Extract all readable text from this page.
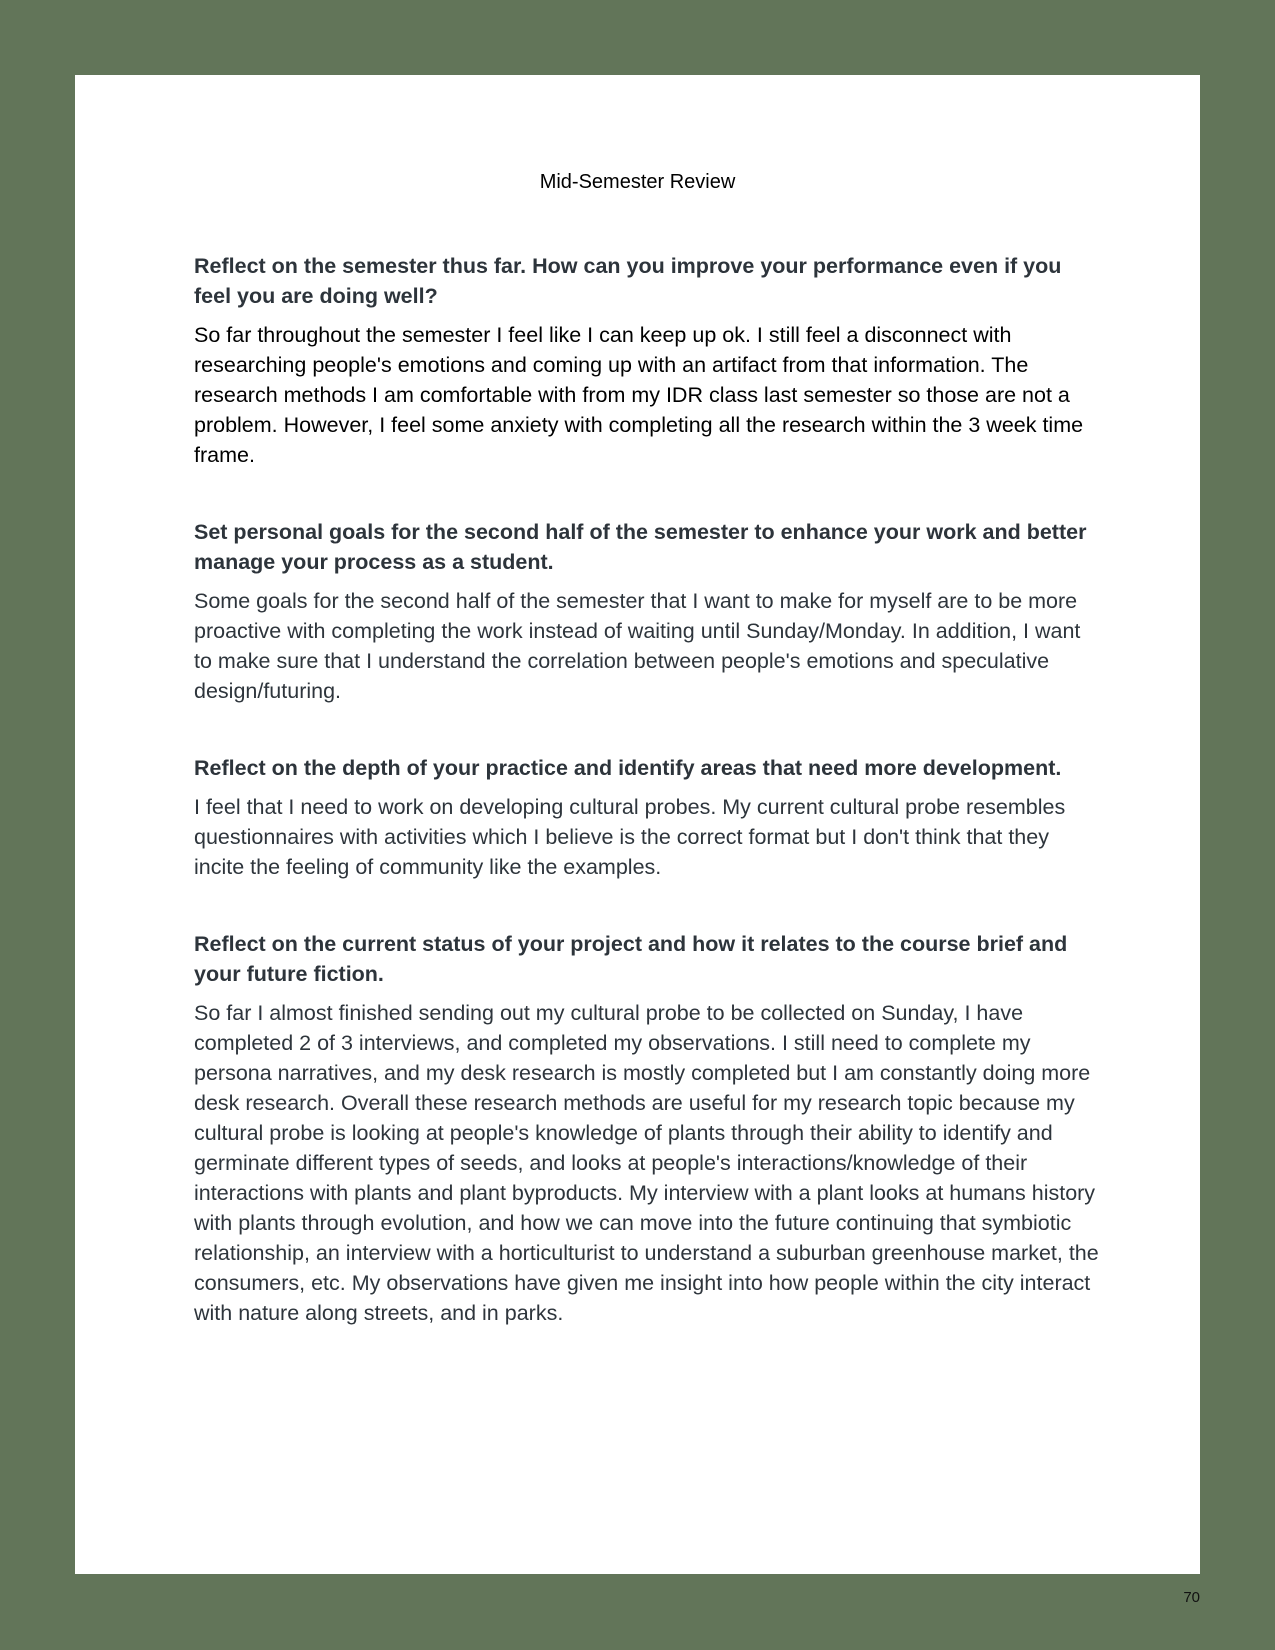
Mid-Semester Review
Reflect on the semester thus far. How can you improve your performance even if you feel you are doing well?
So far throughout the semester I feel like I can keep up ok. I still feel a disconnect with researching people's emotions and coming up with an artifact from that information. The research methods I am comfortable with from my IDR class last semester so those are not a problem. However, I feel some anxiety with completing all the research within the 3 week time frame.
Set personal goals for the second half of the semester to enhance your work and better manage your process as a student.
Some goals for the second half of the semester that I want to make for myself are to be more proactive with completing the work instead of waiting until Sunday/Monday. In addition, I want to make sure that I understand the correlation between people's emotions and speculative design/futuring.
Reflect on the depth of your practice and identify areas that need more development.
I feel that I need to work on developing cultural probes. My current cultural probe resembles questionnaires with activities which I believe is the correct format but I don't think that they incite the feeling of community like the examples.
Reflect on the current status of your project and how it relates to the course brief and your future fiction.
So far I almost finished sending out my cultural probe to be collected on Sunday, I have completed 2 of 3 interviews, and completed my observations. I still need to complete my persona narratives, and my desk research is mostly completed but I am constantly doing more desk research. Overall these research methods are useful for my research topic because my cultural probe is looking at people's knowledge of plants through their ability to identify and germinate different types of seeds, and looks at people's interactions/knowledge of their interactions with plants and plant byproducts. My interview with a plant looks at humans history with plants through evolution, and how we can move into the future continuing that symbiotic relationship, an interview with a horticulturist to understand a suburban greenhouse market, the consumers, etc. My observations have given me insight into how people within the city interact with nature along streets, and in parks.
70
